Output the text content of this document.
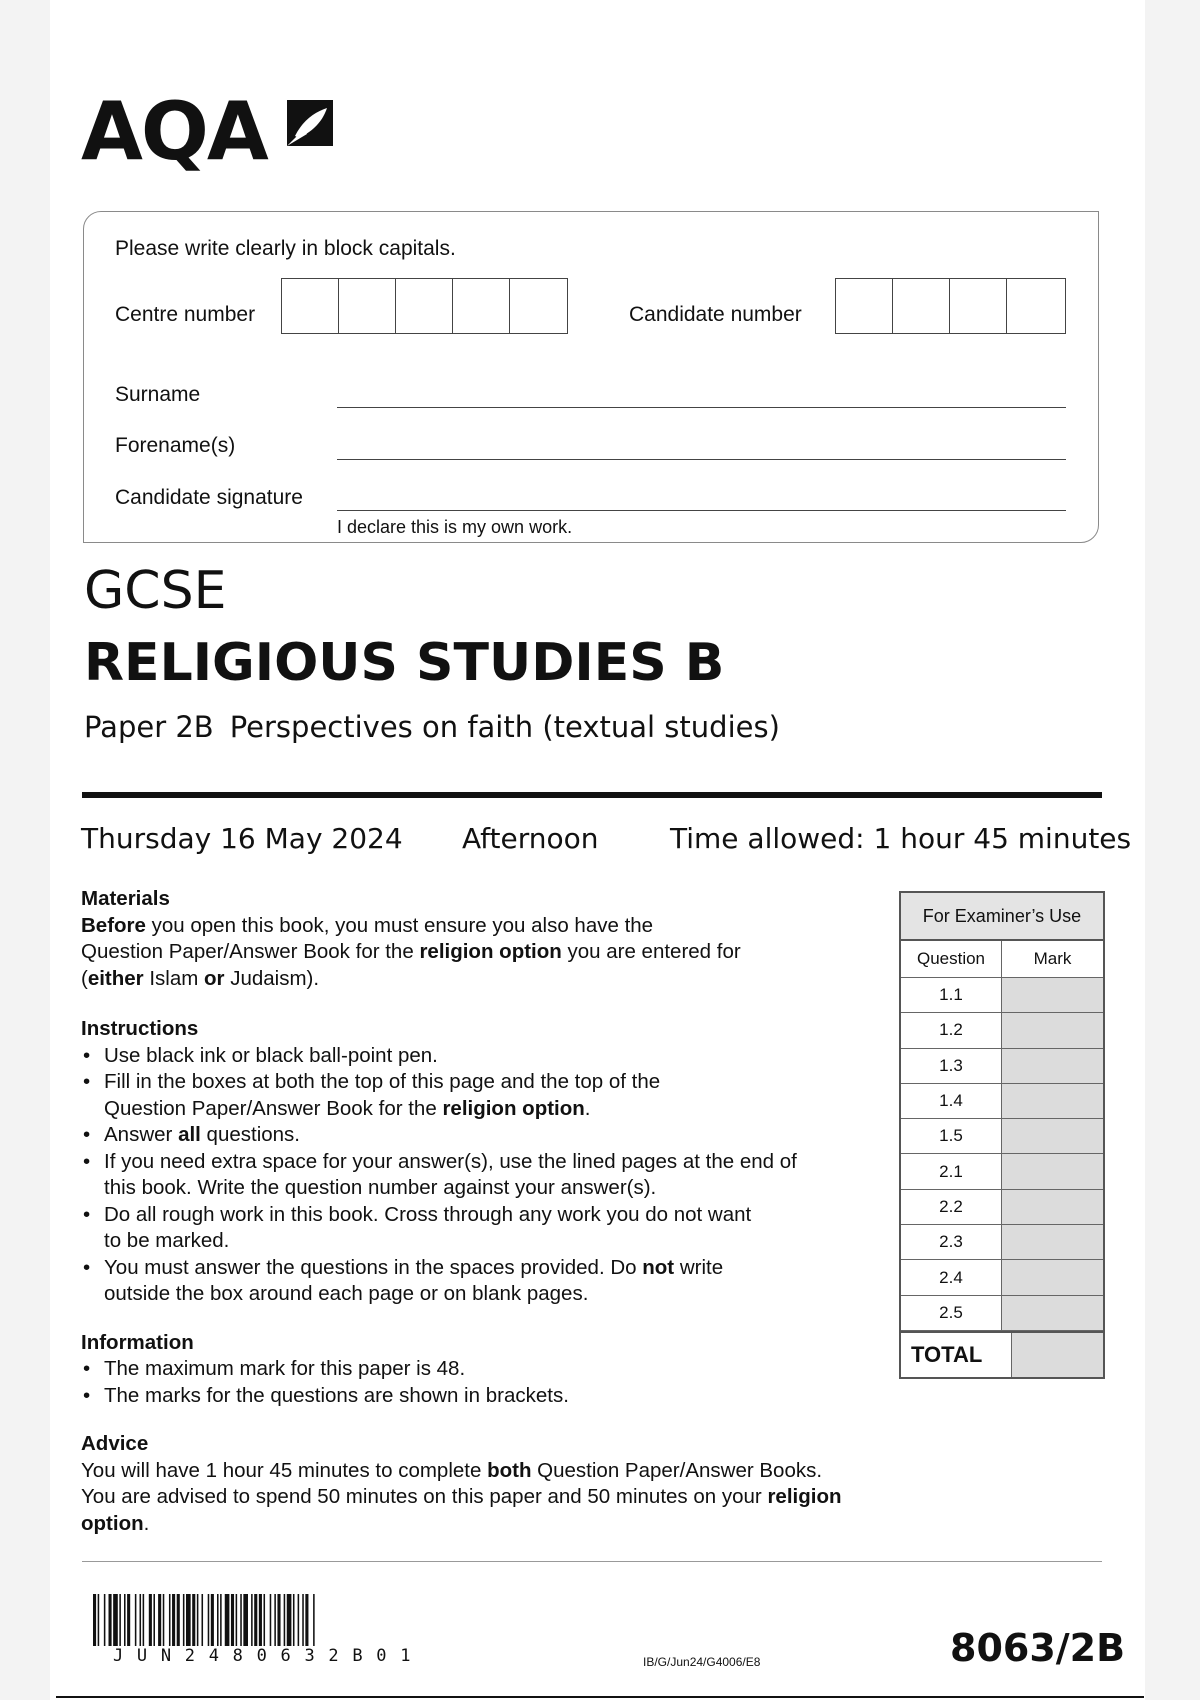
AQA
Please write clearly in block capitals.
Centre number	Candidate number
Surname
Forename(s)
Candidate signature
I declare this is my own work.
GCSE
RELIGIOUS STUDIES B
Paper 2B Perspectives on faith (textual studies)
Thursday 16 May 2024 Afternoon	Time allowed: 1 hour 45 minutes
Materials

Before you open this book, you must ensure you also have the
Question Paper/Answer Book for the religion option you are entered for
(either Islam or Judaism).

Instructions
• Use black ink or black ball-point pen.
• Fill in the boxes at both the top of this page and the top of the
Question Paper/Answer Book for the religion option.
• Answer all questions.
• If you need extra space for your answer(s), use the lined pages at the end of
this book. Write the question number against your answer(s).
• Do all rough work in this book. Cross through any work you do not want
to be marked.
• You must answer the questions in the spaces provided. Do not write
outside the box around each page or on blank pages.
Information
• The maximum mark for this paper is 48.
• The marks for the questions are shown in brackets.
Advice

You will have 1 hour 45 minutes to complete both Question Paper/Answer Books.
You are advised to spend 50 minutes on this paper and 50 minutes on your religion option.

For Examiner’s Use
Question	Mark
1.1
1.2
1.3
1.4
1.5
2.1
2.2
2.3
2.4
2.5
TOTAL
JUN2480632B01	IB/G/Jun24/G4006/E8	8063/2B
